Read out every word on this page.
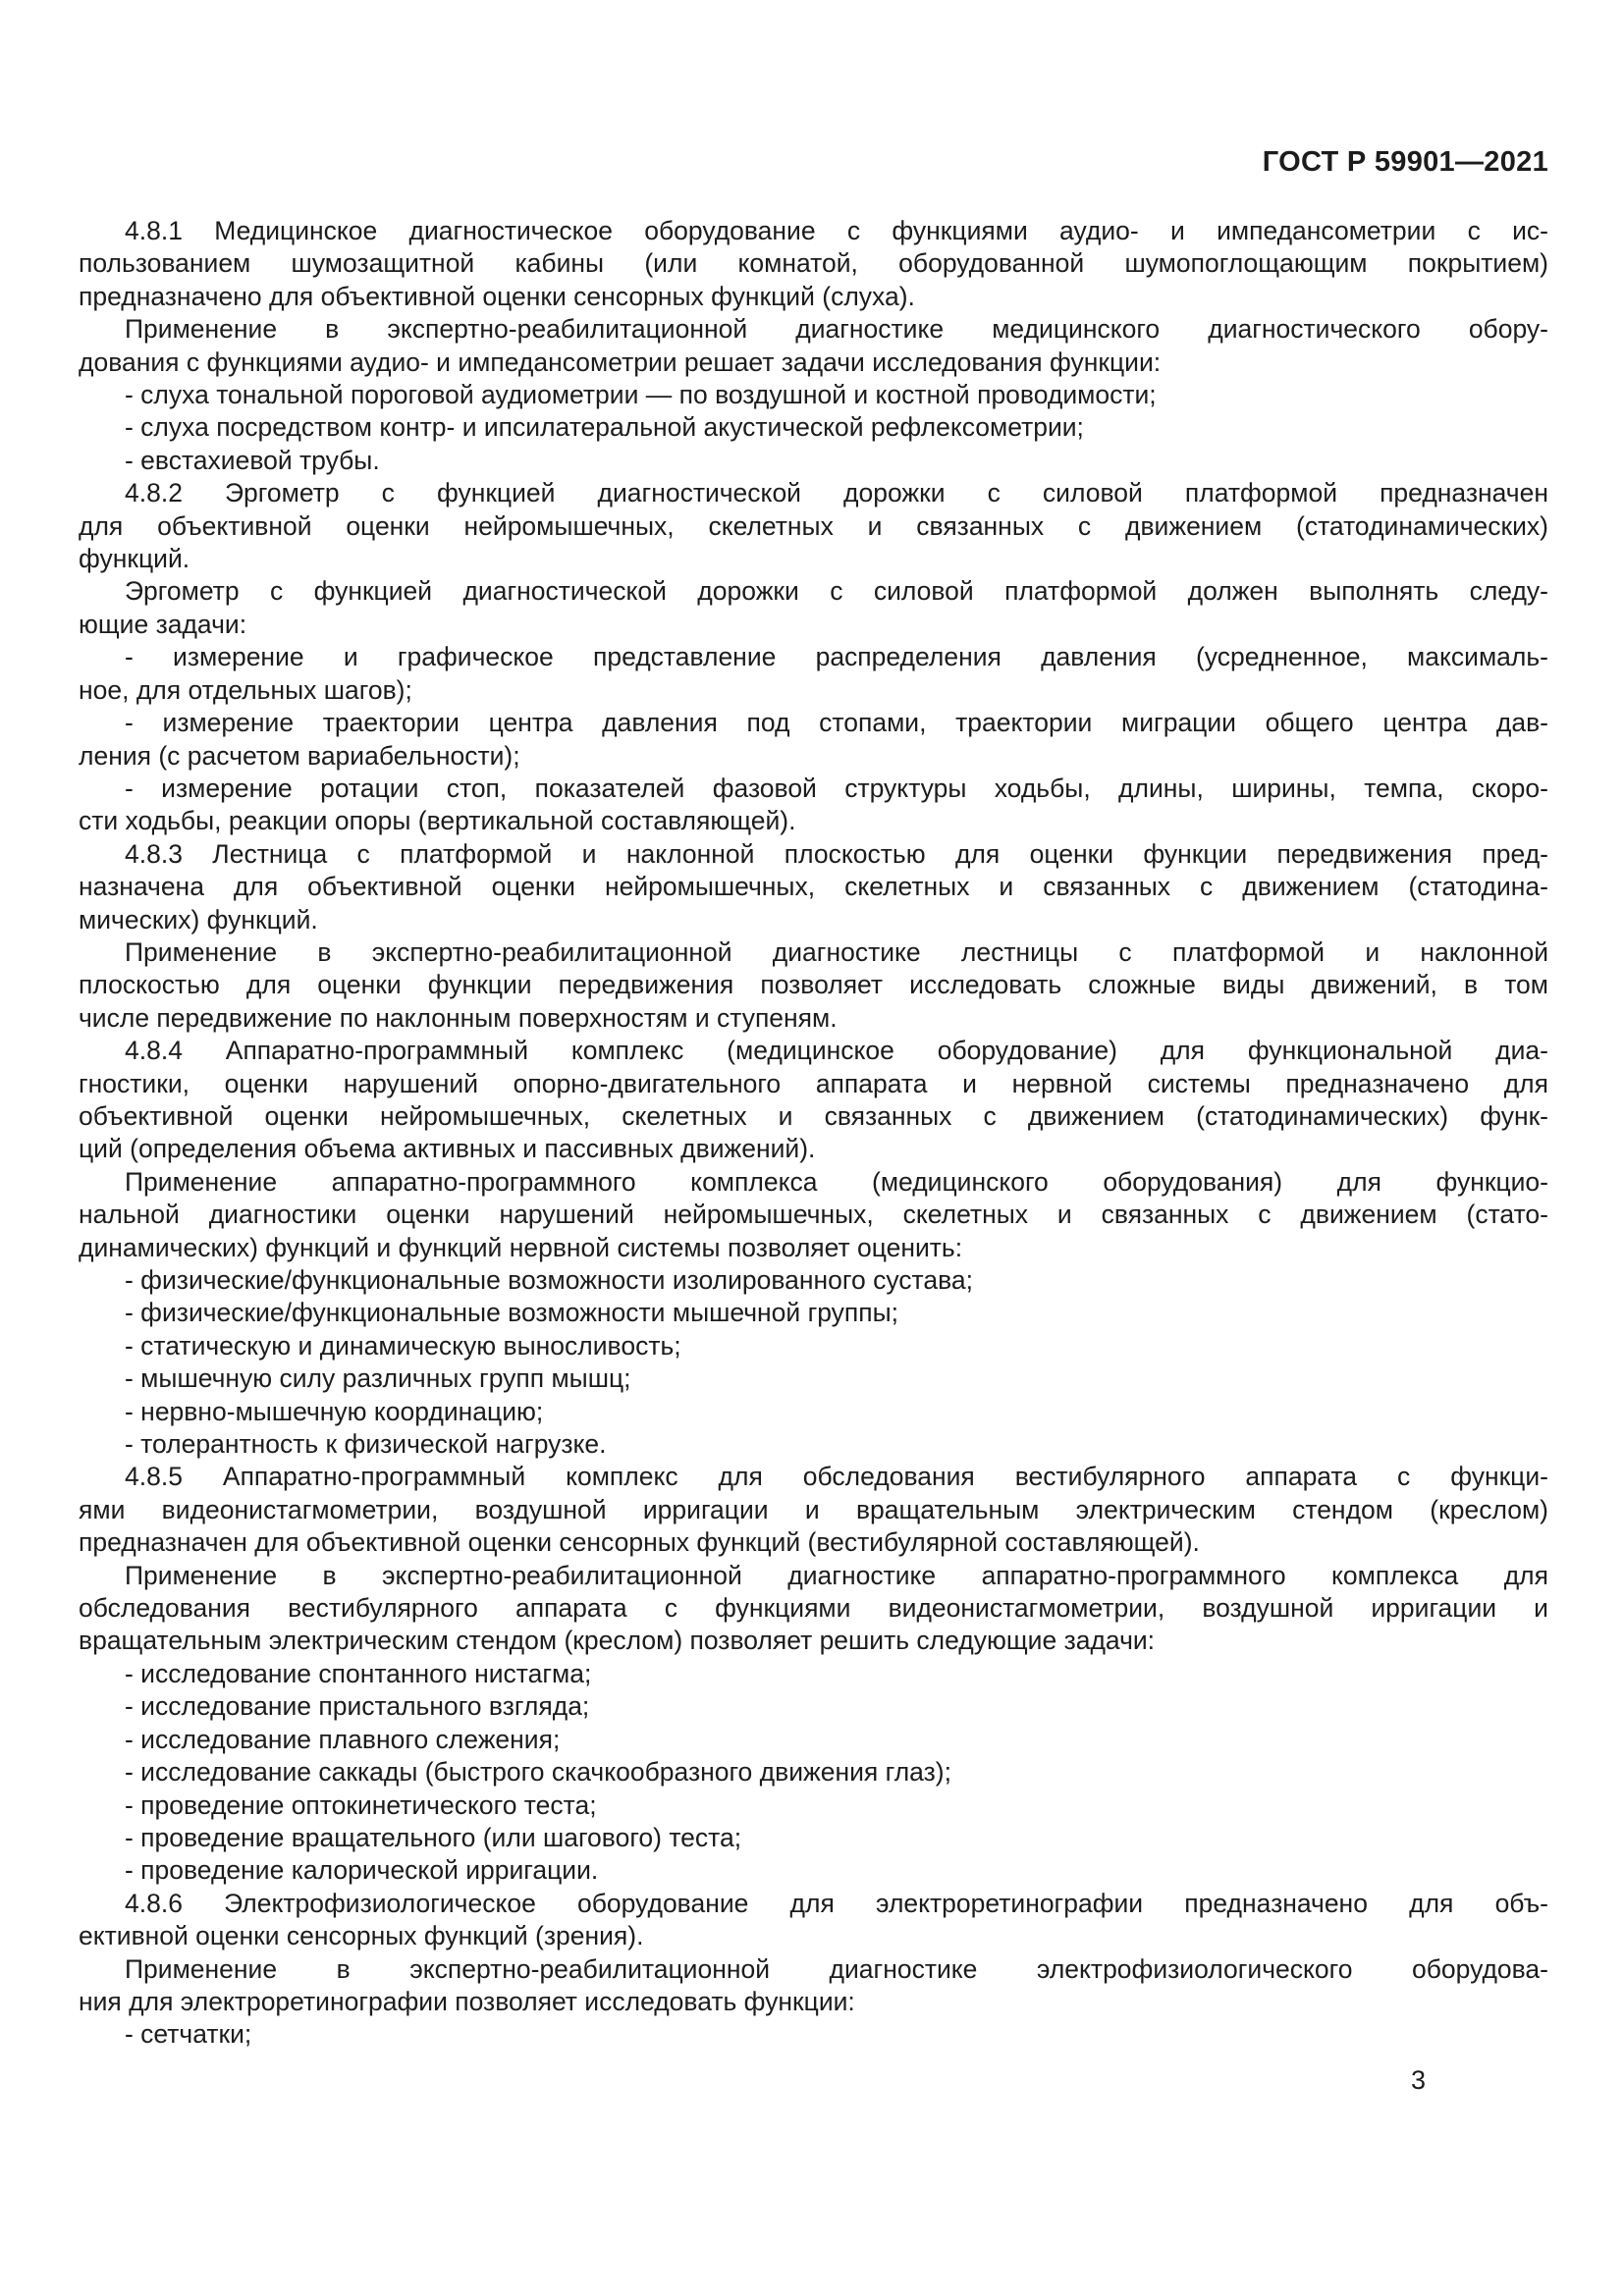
ГОСТ Р 59901—2021

4.8.1 Медицинское диагностическое оборудование с функциями аудио- и импедансометрии с ис-
пользованием шумозащитной кабины (или комнатой, оборудованной шумопоглощающим покрытием)
предназначено для объективной оценки сенсорных функций (слуха).

Применение в экспертно-реабилитационной диагностике медицинского диагностического обору-
дования с функциями аудио- и импедансометрии решает задачи исследования функции:

- слуха тональной пороговой аудиометрии — по воздушной и костной проводимости;

- слуха посредством контр- и ипсилатеральной акустической рефлексометрии;

- евстахиевой трубы.

4.8.2 Эргометр с функцией диагностической дорожки с силовой платформой предназначен
для объективной оценки нейромышечных, скелетных и связанных с движением (статодинамических)
функций.

Эргометр с функцией диагностической дорожки с силовой платформой должен выполнять следу-
ющие задачи:

- измерение и графическое представление распределения давления (усредненное, максималь-
ное, для отдельных шагов);

- измерение траектории центра давления под стопами, траектории миграции общего центра дав-
ления (с расчетом вариабельности);

- измерение ротации стоп, показателей фазовой структуры ходьбы, длины, ширины, темпа, скоро-
сти ходьбы, реакции опоры (вертикальной составляющей).

4.8.3 Лестница с платформой и наклонной плоскостью для оценки функции передвижения пред-
назначена для объективной оценки нейромышечных, скелетных и связанных с движением (статодина-
мических) функций.

Применение в экспертно-реабилитационной диагностике лестницы с платформой и наклонной
плоскостью для оценки функции передвижения позволяет исследовать сложные виды движений, в том
числе передвижение по наклонным поверхностям и ступеням.

4.8.4 Аппаратно-программный комплекс (медицинское оборудование) для функциональной диа-
гностики, оценки нарушений опорно-двигательного аппарата и нервной системы предназначено для
объективной оценки нейромышечных, скелетных и связанных с движением (статодинамических) функ-
ций (определения объема активных и пассивных движений).

Применение аппаратно-программного комплекса (медицинского оборудования) для функцио-
нальной диагностики оценки нарушений нейромышечных, скелетных и связанных с движением (стато-
динамических) функций и функций нервной системы позволяет оценить:

- физические/функциональные возможности изолированного сустава;

- физические/функциональные возможности мышечной группы;

- статическую и динамическую выносливость;

- мышечную силу различных групп мышц;

- нервно-мышечную координацию;

- толерантность к физической нагрузке.

4.8.5 Аппаратно-программный комплекс для обследования вестибулярного аппарата с функци-
ями видеонистагмометрии, воздушной ирригации и вращательным электрическим стендом (креслом)
предназначен для объективной оценки сенсорных функций (вестибулярной составляющей).

Применение в экспертно-реабилитационной диагностике аппаратно-программного комплекса для
обследования вестибулярного аппарата с функциями видеонистагмометрии, воздушной ирригации и
вращательным электрическим стендом (креслом) позволяет решить следующие задачи:

- исследование спонтанного нистагма;

- исследование пристального взгляда;

- исследование плавного слежения;

- исследование саккады (быстрого скачкообразного движения глаз);

- проведение оптокинетического теста;

- проведение вращательного (или шагового) теста;

- проведение калорической ирригации.

4.8.6 Электрофизиологическое оборудование для электроретинографии предназначено для объ-
ективной оценки сенсорных функций (зрения).

Применение в экспертно-реабилитационной диагностике электрофизиологического оборудова-
ния для электроретинографии позволяет исследовать функции:

- сетчатки;

3
